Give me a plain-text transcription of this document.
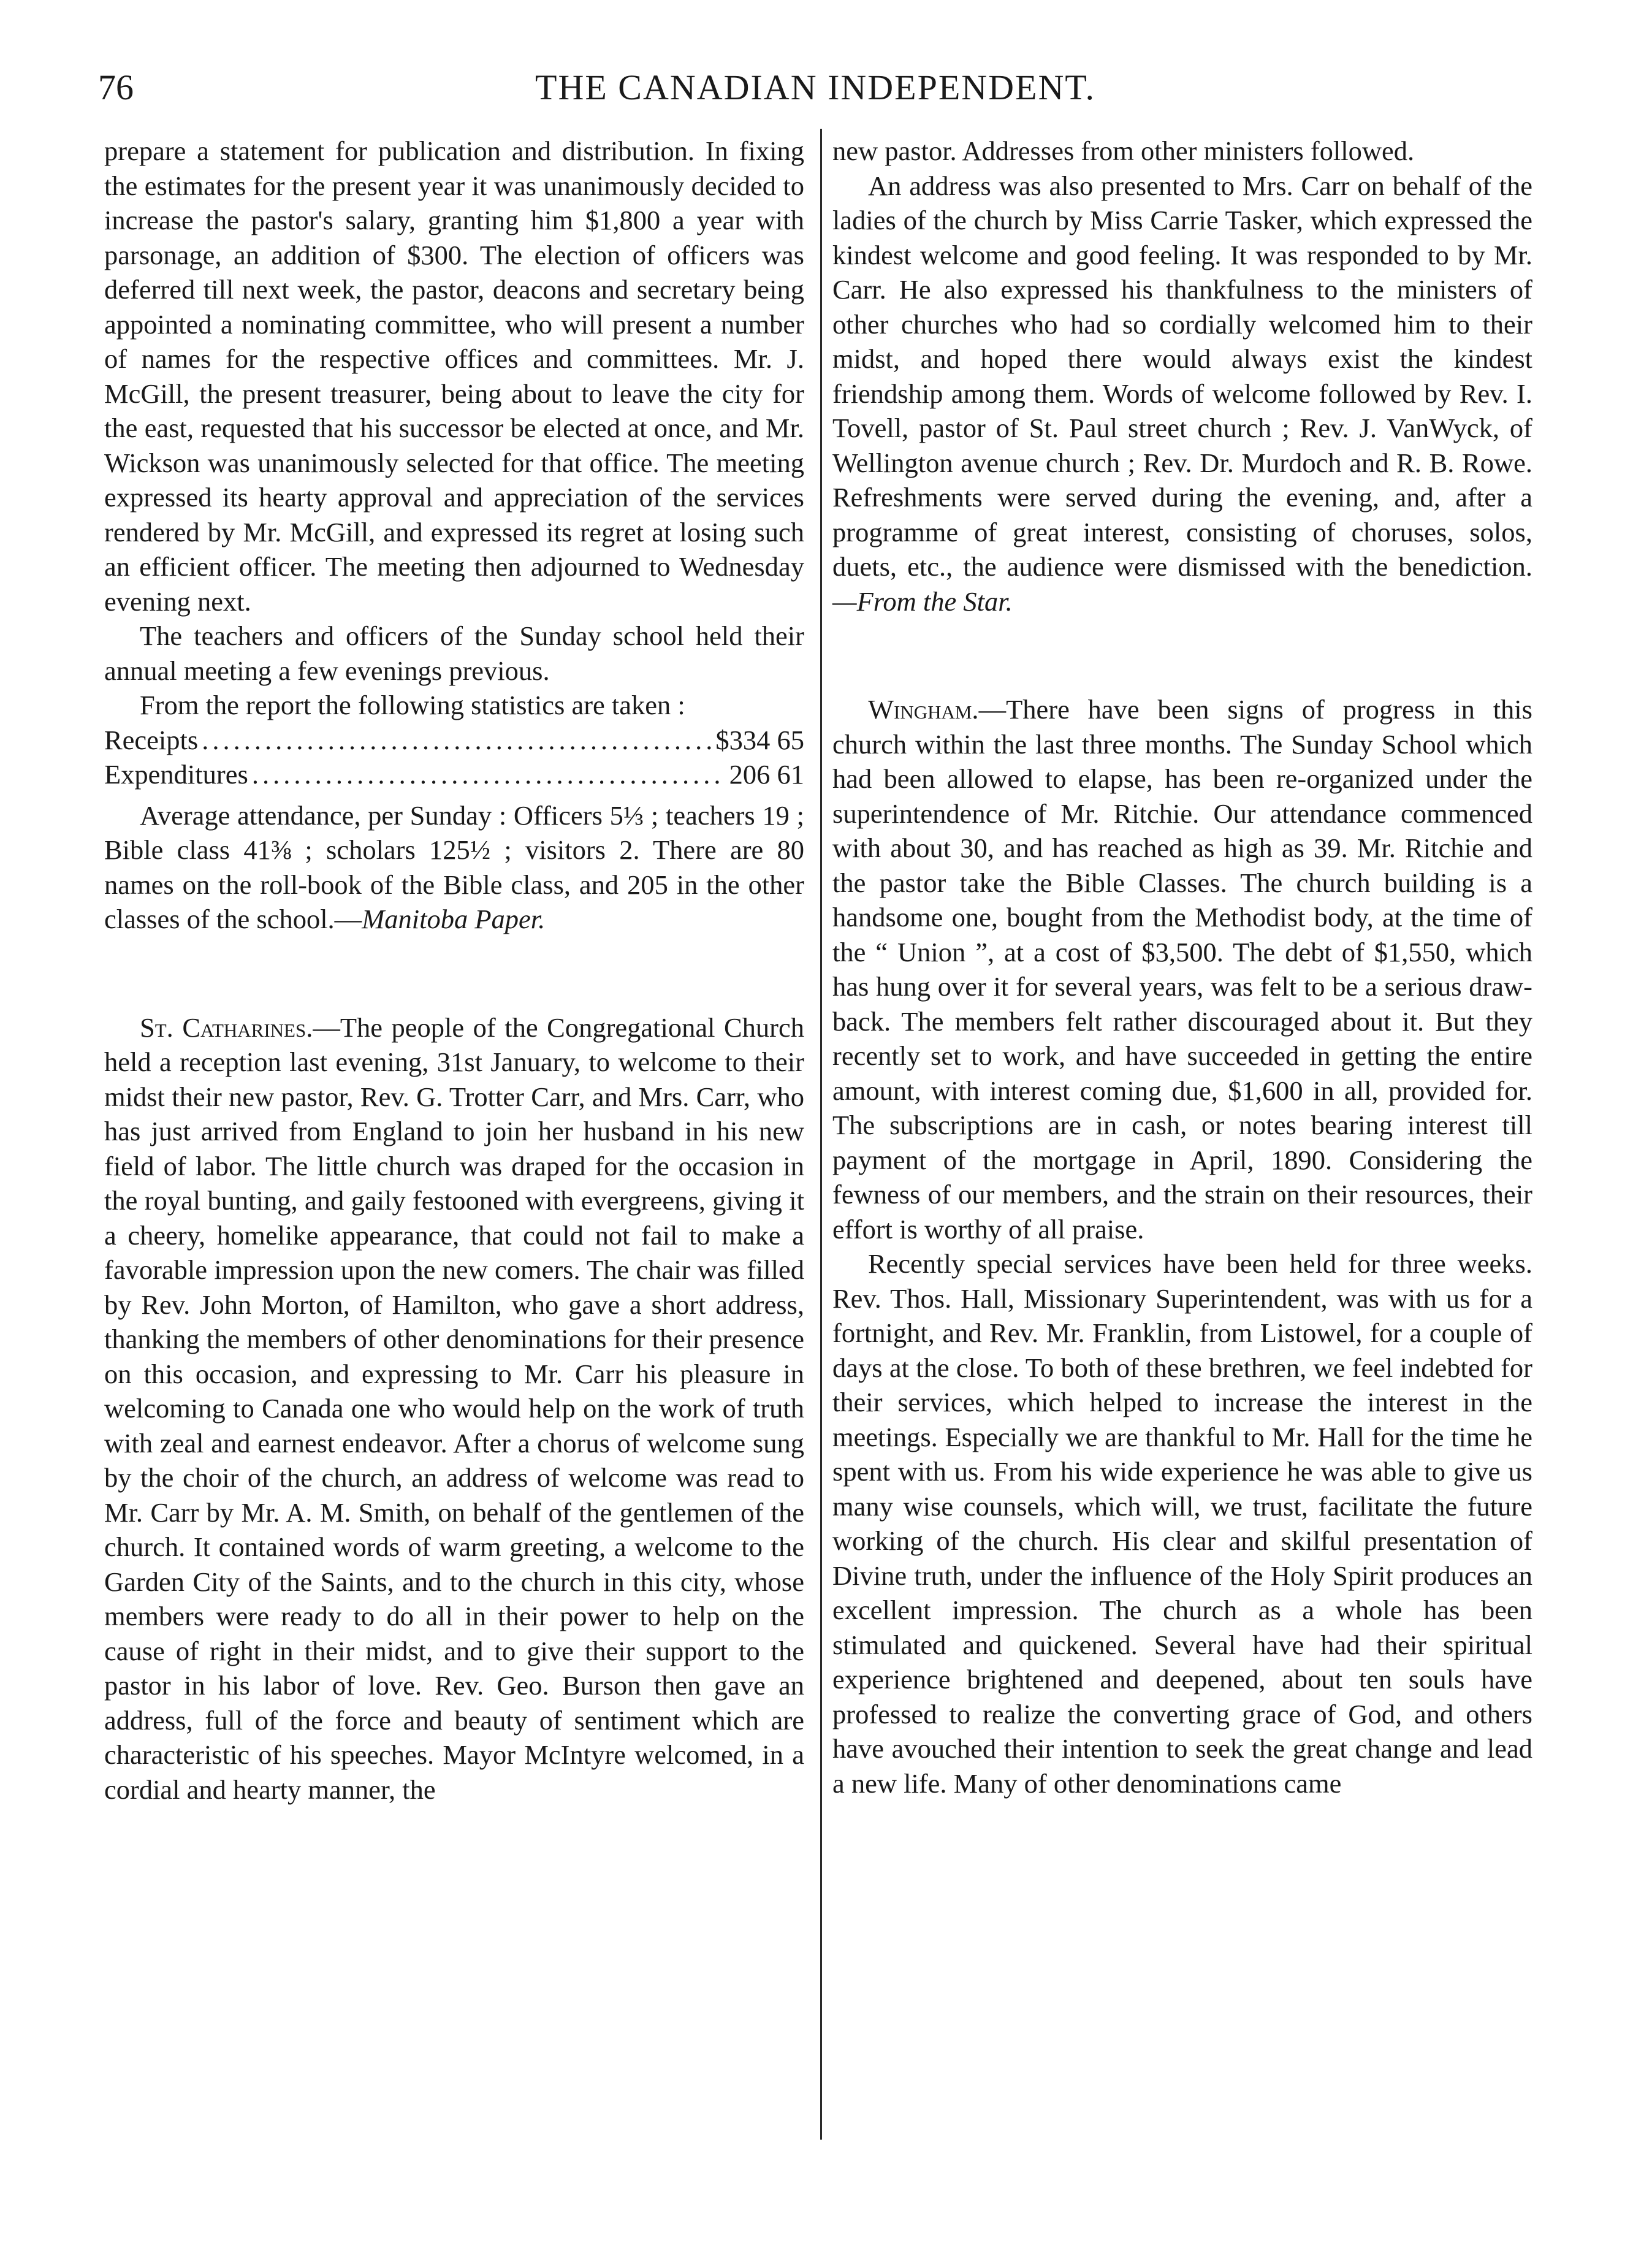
76	THE CANADIAN INDEPENDENT.

prepare a statement for publication and distribution. In fixing the estimates for the present year it was unanimously decided to increase the pastor's salary, granting him $1,800 a year with parsonage, an addition of $300. The election of officers was deferred till next week, the pastor, deacons and secretary being appointed a nominating committee, who will present a number of names for the respective offices and committees. Mr. J. McGill, the present treasurer, being about to leave the city for the east, requested that his successor be elected at once, and Mr. Wickson was unanimously selected for that office. The meeting expressed its hearty approval and appreciation of the services rendered by Mr. McGill, and expressed its regret at losing such an efficient officer. The meeting then adjourned to Wednesday evening next.

The teachers and officers of the Sunday school held their annual meeting a few evenings previous.

From the report the following statistics are taken :

Receipts .....	$334 65
Expenditures .....	206 61

Average attendance, per Sunday : Officers 5⅓ ; teachers 19 ; Bible class 41⅜ ; scholars 125½ ; visitors 2. There are 80 names on the roll-book of the Bible class, and 205 in the other classes of the school.—Manitoba Paper.

St. Catharines.—The people of the Congregational Church held a reception last evening, 31st January, to welcome to their midst their new pastor, Rev. G. Trotter Carr, and Mrs. Carr, who has just arrived from England to join her husband in his new field of labor. The little church was draped for the occasion in the royal bunting, and gaily festooned with evergreens, giving it a cheery, homelike appearance, that could not fail to make a favorable impression upon the new comers. The chair was filled by Rev. John Morton, of Hamilton, who gave a short address, thanking the members of other denominations for their presence on this occasion, and expressing to Mr. Carr his pleasure in welcoming to Canada one who would help on the work of truth with zeal and earnest endeavor. After a chorus of welcome sung by the choir of the church, an address of welcome was read to Mr. Carr by Mr. A. M. Smith, on behalf of the gentlemen of the church. It contained words of warm greeting, a welcome to the Garden City of the Saints, and to the church in this city, whose members were ready to do all in their power to help on the cause of right in their midst, and to give their support to the pastor in his labor of love. Rev. Geo. Burson then gave an address, full of the force and beauty of sentiment which are characteristic of his speeches. Mayor McIntyre welcomed, in a cordial and hearty manner, the

new pastor. Addresses from other ministers followed.

An address was also presented to Mrs. Carr on behalf of the ladies of the church by Miss Carrie Tasker, which expressed the kindest welcome and good feeling. It was responded to by Mr. Carr. He also expressed his thankfulness to the ministers of other churches who had so cordially welcomed him to their midst, and hoped there would always exist the kindest friendship among them. Words of welcome followed by Rev. I. Tovell, pastor of St. Paul street church ; Rev. J. VanWyck, of Wellington avenue church ; Rev. Dr. Murdoch and R. B. Rowe. Refreshments were served during the evening, and, after a programme of great interest, consisting of choruses, solos, duets, etc., the audience were dismissed with the benediction. —From the Star.

Wingham.—There have been signs of progress in this church within the last three months. The Sunday School which had been allowed to elapse, has been re-organized under the superintendence of Mr. Ritchie. Our attendance commenced with about 30, and has reached as high as 39. Mr. Ritchie and the pastor take the Bible Classes. The church building is a handsome one, bought from the Methodist body, at the time of the “ Union ”, at a cost of $3,500. The debt of $1,550, which has hung over it for several years, was felt to be a serious draw-back. The members felt rather discouraged about it. But they recently set to work, and have succeeded in getting the entire amount, with interest coming due, $1,600 in all, provided for. The subscriptions are in cash, or notes bearing interest till payment of the mortgage in April, 1890. Considering the fewness of our members, and the strain on their resources, their effort is worthy of all praise.

Recently special services have been held for three weeks. Rev. Thos. Hall, Missionary Superintendent, was with us for a fortnight, and Rev. Mr. Franklin, from Listowel, for a couple of days at the close. To both of these brethren, we feel indebted for their services, which helped to increase the interest in the meetings. Especially we are thankful to Mr. Hall for the time he spent with us. From his wide experience he was able to give us many wise counsels, which will, we trust, facilitate the future working of the church. His clear and skilful presentation of Divine truth, under the influence of the Holy Spirit produces an excellent impression. The church as a whole has been stimulated and quickened. Several have had their spiritual experience brightened and deepened, about ten souls have professed to realize the converting grace of God, and others have avouched their intention to seek the great change and lead a new life. Many of other denominations came
